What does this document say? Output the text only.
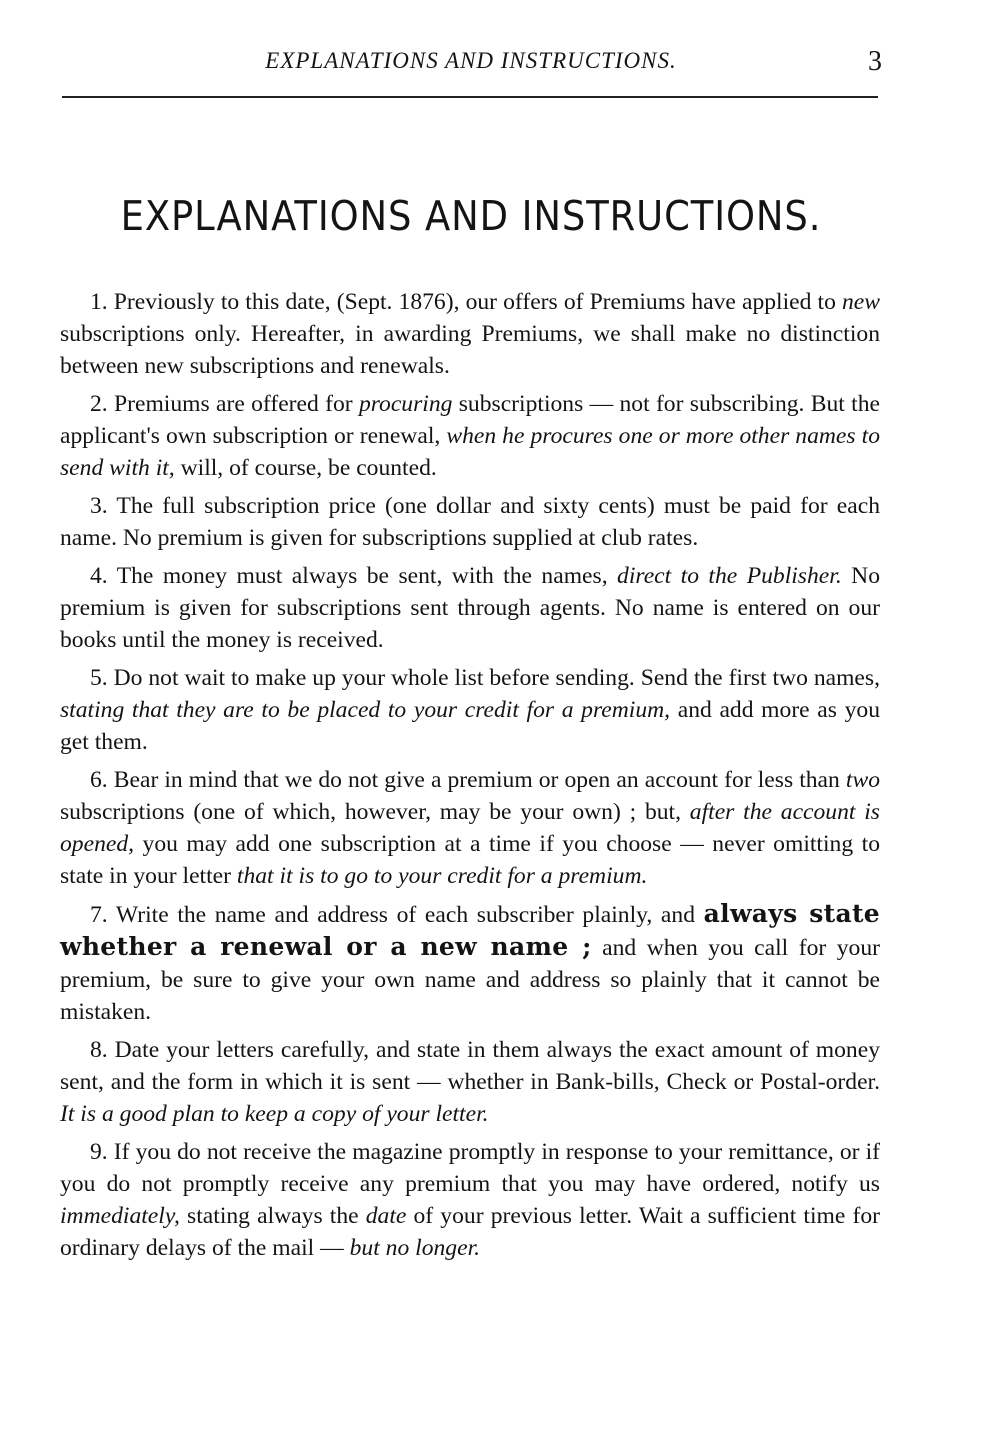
EXPLANATIONS AND INSTRUCTIONS.	3
EXPLANATIONS AND INSTRUCTIONS.

1. Previously to this date, (Sept. 1876), our offers of Premiums have applied to new subscriptions only. Hereafter, in awarding Premiums, we shall make no distinction between new subscriptions and renewals.

2. Premiums are offered for procuring subscriptions — not for subscribing. But the applicant's own subscription or renewal, when he procures one or more other names to send with it, will, of course, be counted.

3. The full subscription price (one dollar and sixty cents) must be paid for each name. No premium is given for subscriptions supplied at club rates.

4. The money must always be sent, with the names, direct to the Publisher. No premium is given for subscriptions sent through agents. No name is entered on our books until the money is received.

5. Do not wait to make up your whole list before sending. Send the first two names, stating that they are to be placed to your credit for a premium, and add more as you get them.

6. Bear in mind that we do not give a premium or open an account for less than two subscriptions (one of which, however, may be your own) ; but, after the account is opened, you may add one subscription at a time if you choose — never omitting to state in your letter that it is to go to your credit for a premium.

7. Write the name and address of each subscriber plainly, and always state whether a renewal or a new name ; and when you call for your premium, be sure to give your own name and address so plainly that it cannot be mistaken.

8. Date your letters carefully, and state in them always the exact amount of money sent, and the form in which it is sent — whether in Bank-bills, Check or Postal-order. It is a good plan to keep a copy of your letter.

9. If you do not receive the magazine promptly in response to your remittance, or if you do not promptly receive any premium that you may have ordered, notify us immediately, stating always the date of your previous letter. Wait a sufficient time for ordinary delays of the mail — but no longer.
